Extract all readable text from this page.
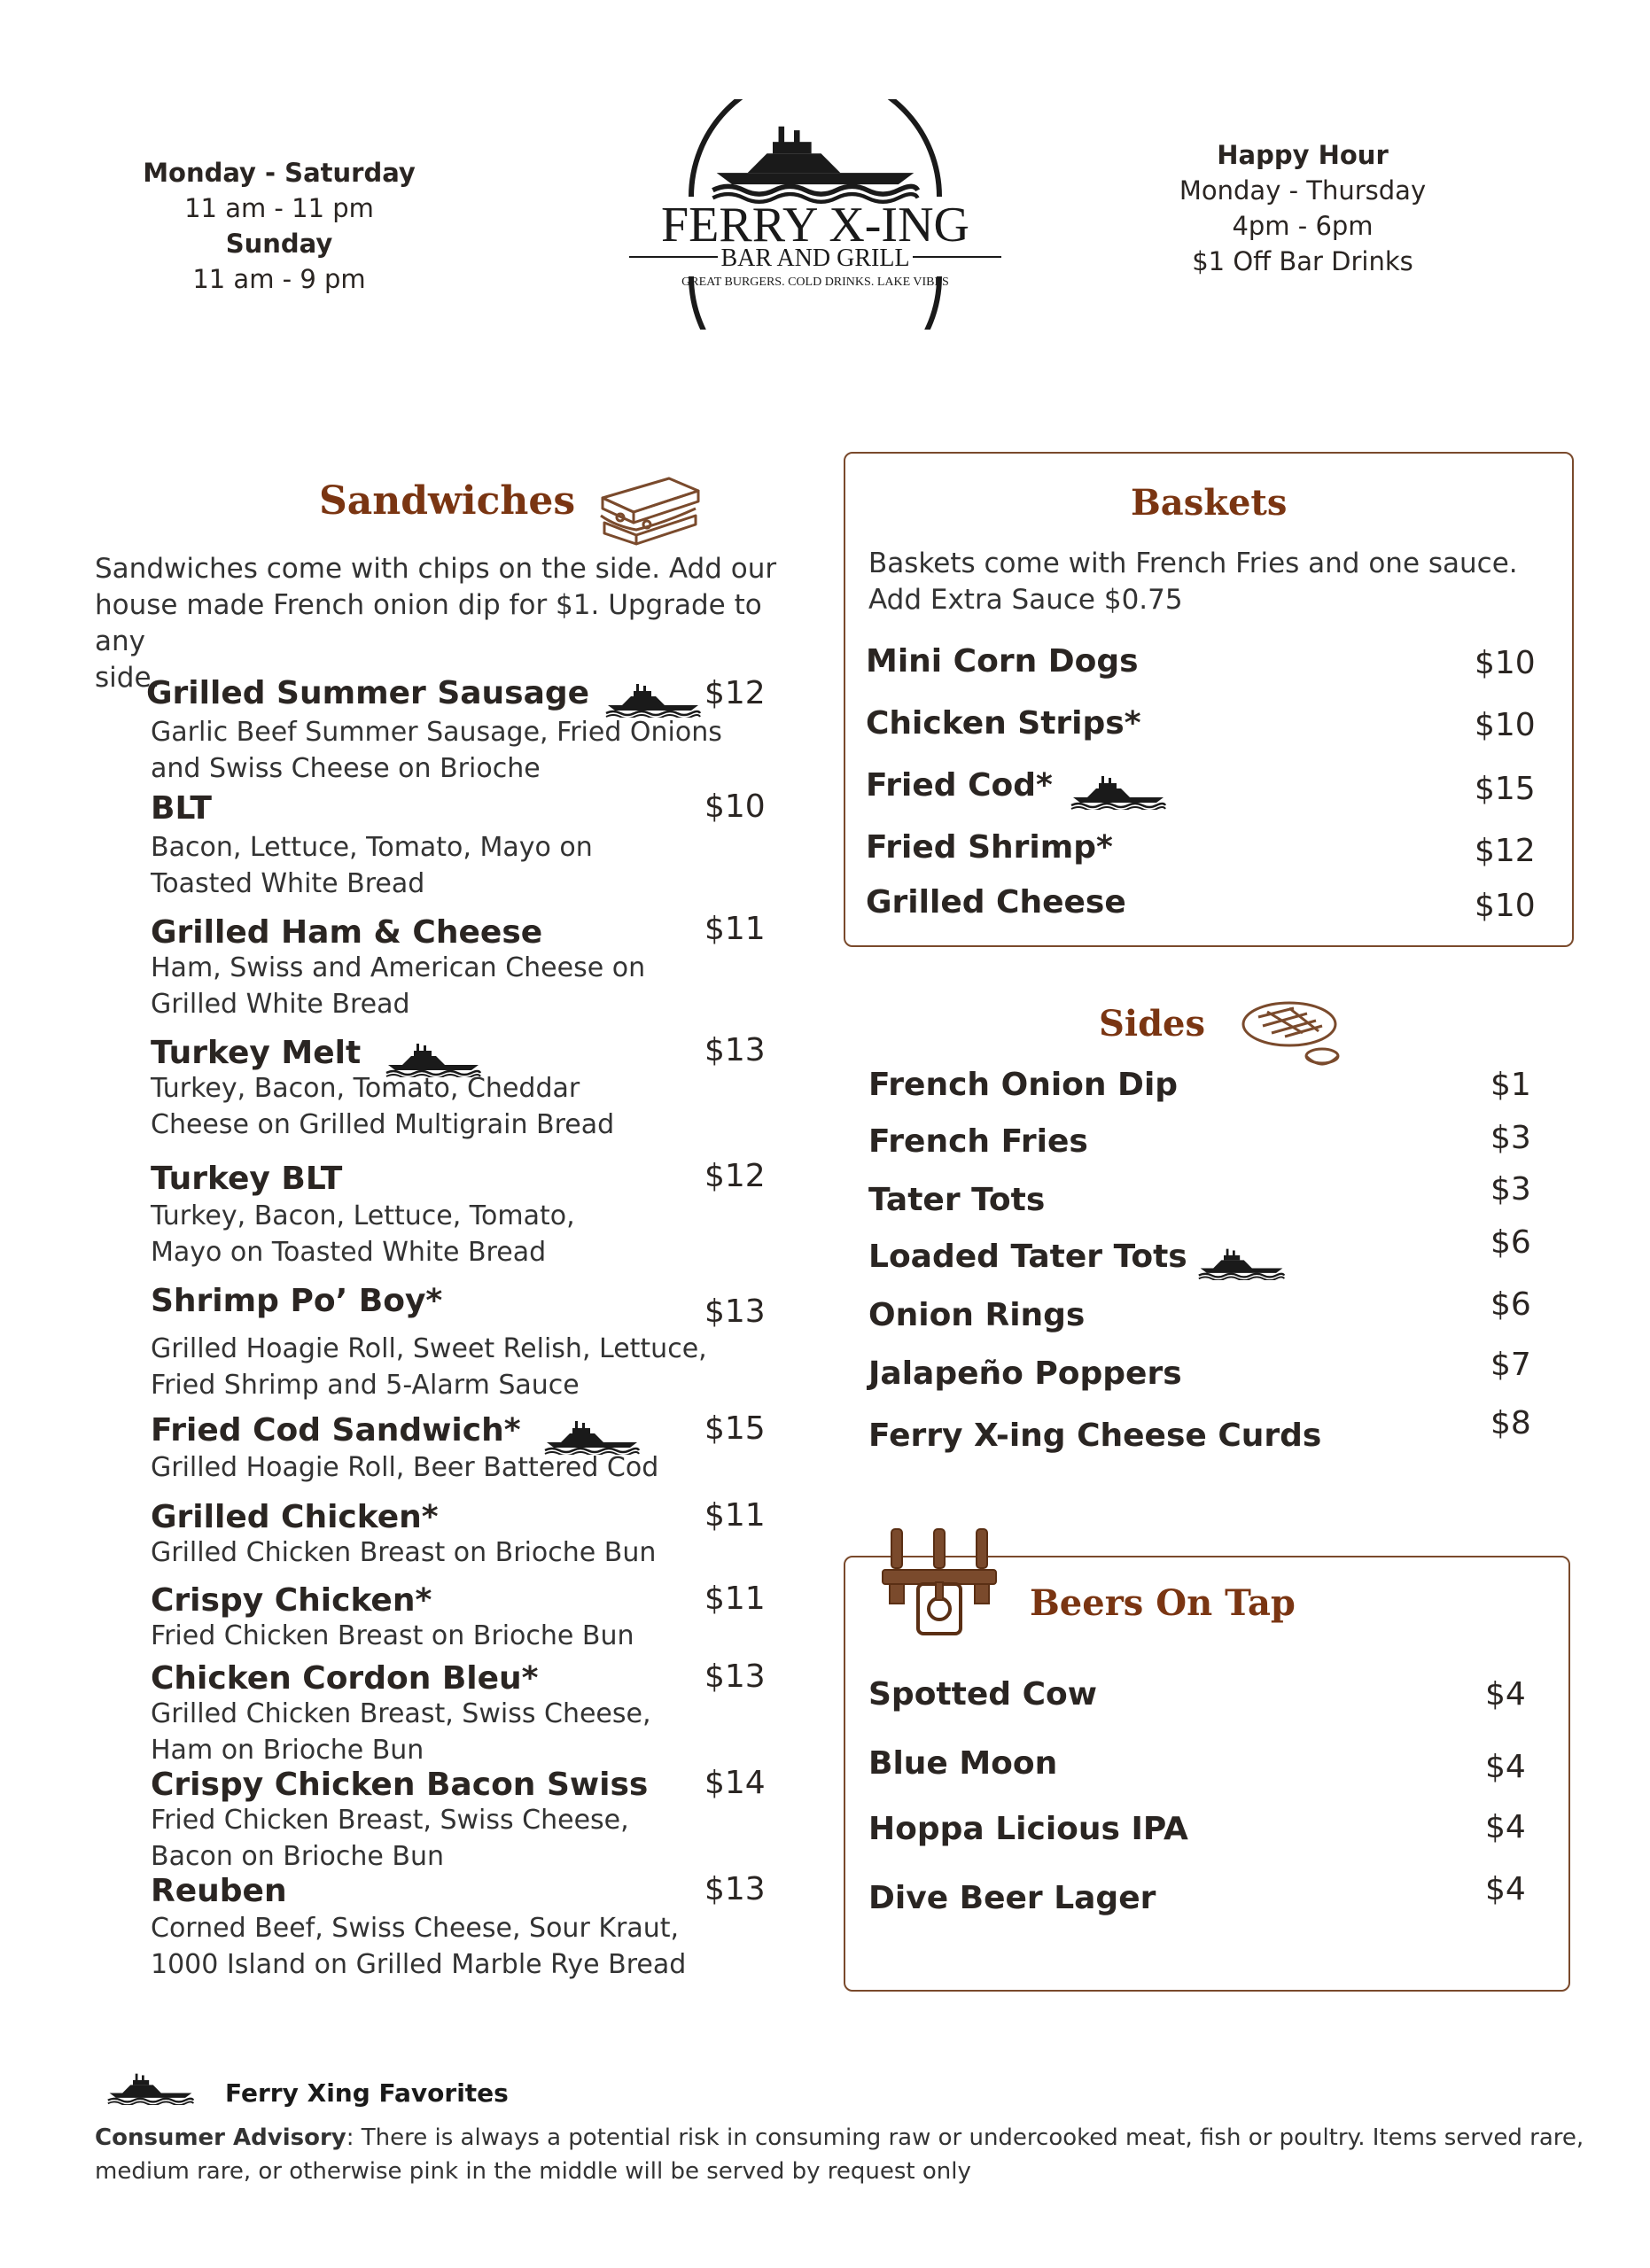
Monday - Saturday
11 am - 11 pm
Sunday
11 am - 9 pm
FERRY X-ING
BAR AND GRILL
GREAT BURGERS. COLD DRINKS. LAKE VIBES
Happy Hour
Monday - Thursday
4pm - 6pm
$1 Off Bar Drinks
Sandwiches
Sandwiches come with chips on the side. Add our
house made French onion dip for $1. Upgrade to any
side.
Grilled Summer Sausage	$12
Garlic Beef Summer Sausage, Fried Onions
and Swiss Cheese on Brioche
BLT	$10
Bacon, Lettuce, Tomato, Mayo on
Toasted White Bread
Grilled Ham & Cheese	$11
Ham, Swiss and American Cheese on
Grilled White Bread
Turkey Melt	$13
Turkey, Bacon, Tomato, Cheddar
Cheese on Grilled Multigrain Bread
Turkey BLT	$12
Turkey, Bacon, Lettuce, Tomato,
Mayo on Toasted White Bread
Shrimp Po’ Boy*	$13
Grilled Hoagie Roll, Sweet Relish, Lettuce,
Fried Shrimp and 5-Alarm Sauce
Fried Cod Sandwich*	$15
Grilled Hoagie Roll, Beer Battered Cod
Grilled Chicken*	$11
Grilled Chicken Breast on Brioche Bun
Crispy Chicken*	$11
Fried Chicken Breast on Brioche Bun
Chicken Cordon Bleu*	$13
Grilled Chicken Breast, Swiss Cheese,
Ham on Brioche Bun
Crispy Chicken Bacon Swiss $14
Fried Chicken Breast, Swiss Cheese,
Bacon on Brioche Bun
Reuben	$13
Corned Beef, Swiss Cheese, Sour Kraut,
1000 Island on Grilled Marble Rye Bread
Baskets
Baskets come with French Fries and one sauce.
Add Extra Sauce $0.75
Mini Corn Dogs	$10
Chicken Strips*	$10
Fried Cod*	$15
Fried Shrimp*	$12
Grilled Cheese	$10
Sides
French Onion Dip	$1
French Fries	$3
Tater Tots	$3
Loaded Tater Tots	$6
Onion Rings	$6
Jalapeño Poppers	$7
Ferry X-ing Cheese Curds	$8
Beers On Tap
Spotted Cow	$4
Blue Moon	$4
Hoppa Licious IPA	$4
Dive Beer Lager	$4
Ferry Xing Favorites
Consumer Advisory: There is always a potential risk in consuming raw or undercooked meat, fish or poultry. Items served rare,
medium rare, or otherwise pink in the middle will be served by request only
